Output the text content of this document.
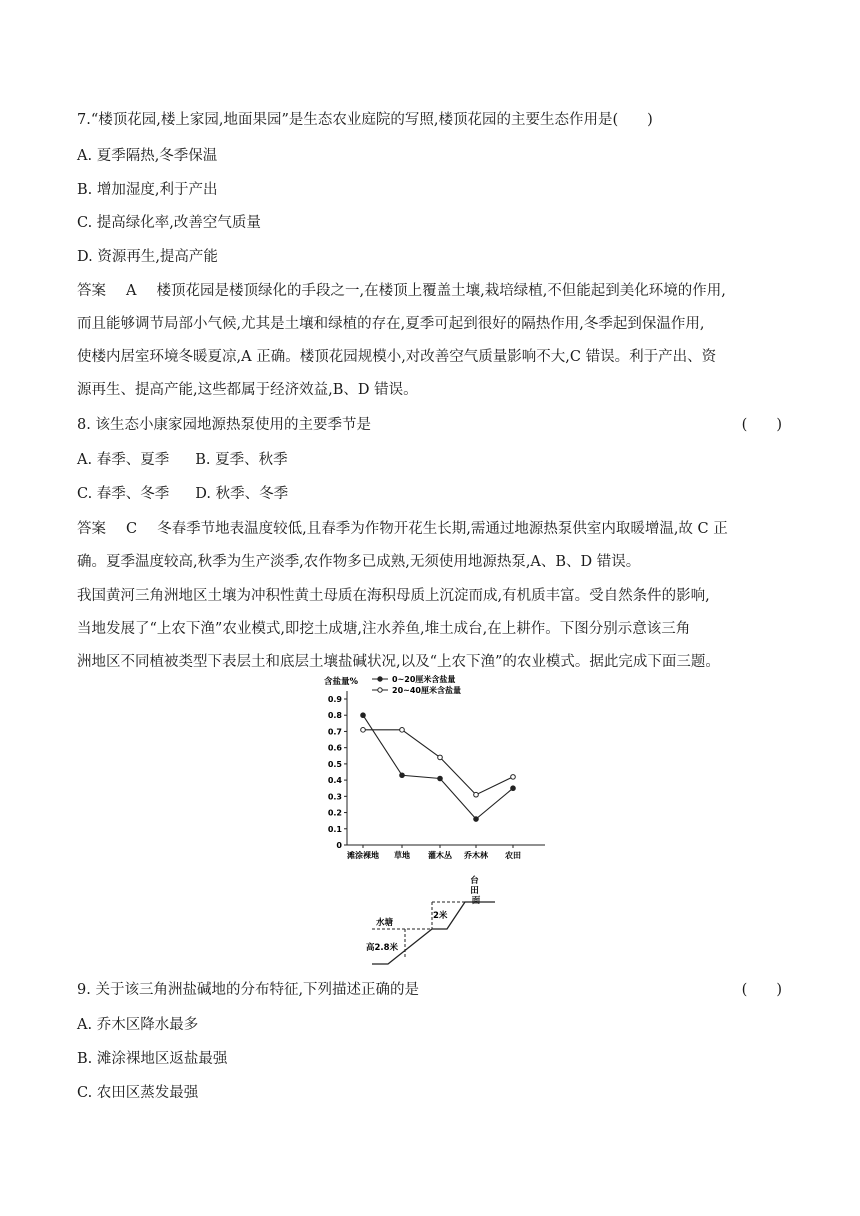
7.“楼顶花园,楼上家园,地面果园”是生态农业庭院的写照,楼顶花园的主要生态作用是(　　)
A. 夏季隔热,冬季保温
B. 增加湿度,利于产出
C. 提高绿化率,改善空气质量
D. 资源再生,提高产能
答案 A 楼顶花园是楼顶绿化的手段之一,在楼顶上覆盖土壤,栽培绿植,不但能起到美化环境的作用,
而且能够调节局部小气候,尤其是土壤和绿植的存在,夏季可起到很好的隔热作用,冬季起到保温作用,
使楼内居室环境冬暖夏凉,A 正确。楼顶花园规模小,对改善空气质量影响不大,C 错误。利于产出、资
源再生、提高产能,这些都属于经济效益,B、D 错误。
8. 该生态小康家园地源热泵使用的主要季节是	(　　)
A. 春季、夏季 B. 夏季、秋季
C. 春季、冬季 D. 秋季、冬季
答案 C 冬春季节地表温度较低,且春季为作物开花生长期,需通过地源热泵供室内取暖增温,故 C 正
确。夏季温度较高,秋季为生产淡季,农作物多已成熟,无须使用地源热泵,A、B、D 错误。
我国黄河三角洲地区土壤为冲积性黄土母质在海积母质上沉淀而成,有机质丰富。受自然条件的影响,
当地发展了“上农下渔”农业模式,即挖土成塘,注水养鱼,堆土成台,在上耕作。下图分别示意该三角
洲地区不同植被类型下表层土和底层土壤盐碱状况,以及“上农下渔”的农业模式。据此完成下面三题。
含盐量%	0~20厘米含盐量
20~40厘米含盐量
0
0.1
0.2
0.3
0.4
0.5
0.6
0.7
0.8
0.9
滩涂裸地 草地 灌木丛 乔木林 农田
台 田 面
水塘
2米
高2.8米
9. 关于该三角洲盐碱地的分布特征,下列描述正确的是	(　　)
A. 乔木区降水最多
B. 滩涂裸地区返盐最强
C. 农田区蒸发最强
